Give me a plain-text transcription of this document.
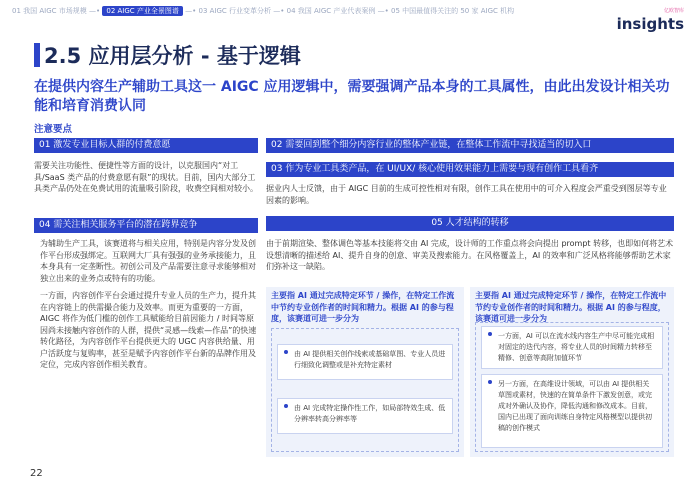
01 我国 AIGC 市场规模 —• 02 AIGC 产业全景图谱 —• 03 AIGC 行业变革分析 —• 04 我国 AIGC 产业代表案例 —• 05 中国最值得关注的 50 家 AIGC 机构	亿欧智库
insights
2.5 应用层分析 - 基于逻辑
在提供内容生产辅助工具这一 AIGC 应用逻辑中，需要强调产品本身的工具属性，由此出发设计相关功能和培育消费认同
注意要点
01 激发专业目标人群的付费意愿

需要关注功能性、便捷性等方面的设计，以克服国内“对工具/SaaS 类产品的付费意愿有限”的现状。目前，国内大部分工具类产品仍处在免费试用的流量吸引阶段，收费空间相对较小。

04 需关注相关服务平台的潜在跨界竞争

为辅助生产工具，该赛道将与相关应用，特别是内容分发及创作平台形成强绑定。互联网大厂具有强强的业务承接能力，且本身具有一定垄断性。初创公司及产品需要注意寻求能够相对独立出来的业务点或特有的功能。

一方面，内容创作平台会通过提升专业人员的生产力，提升其在内容链上的供需撮合能力及效率。而更为重要的一方面，AIGC 将作为低门槛的创作工具赋能给目前因能力 / 时间等原因尚未接触内容创作的人群，提供“灵感—线索—作品”的快速转化路径，为内容创作平台提供更大的 UGC 内容供给量、用户活跃度与复购率，甚至是赋予内容创作平台新的品牌作用及定位，完成内容创作相关教育。

02 需要回到整个细分内容行业的整体产业链，在整体工作流中寻找适当的切入口
03 作为专业工具类产品，在 UI/UX/ 核心使用效果能力上需要与现有创作工具看齐

据业内人士反馈，由于 AIGC 目前的生成可控性相对有限，创作工具在使用中的可介入程度会严重受到图层等专业因素的影响。

05 人才结构的转移

由于前期渲染、整体调色等基本技能将交由 AI 完成，设计师的工作重点将会向提出 prompt 转移，也即如何将艺术设想清晰的描述给 AI、提升自身的创意、审美及搜索能力。在风格覆盖上，AI 的效率和广泛风格将能够帮助艺术家们弥补这一缺陷。

主要指 AI 通过完成特定环节 / 操作，在特定工作流中节约专业创作者的时间和精力。根据 AI 的参与程度，该赛道可进一步分为
由 AI 提供相关创作线索或基础草图、专业人员进行细致化调整或是补充特定素材
由 AI 完成特定操作性工作，如局部特效生成、低分辨率转高分辨率等
主要指 AI 通过完成特定环节 / 操作，在特定工作流中节约专业创作者的时间和精力。根据 AI 的参与程度，该赛道可进一步分为
一方面，AI 可以在流水线内容生产中尽可能完成相对固定的迭代内容，将专业人员的时间精力转移至精修、创意等高附加值环节
另一方面，在高维设计领域，可以由 AI 提供相关草图或素材，快速的在简单条件下激发创意，或完成对外确认及协作，降低沟通和修改成本。目前，国内已出现了面向训练自身特定风格模型以提供初稿的创作模式
22
